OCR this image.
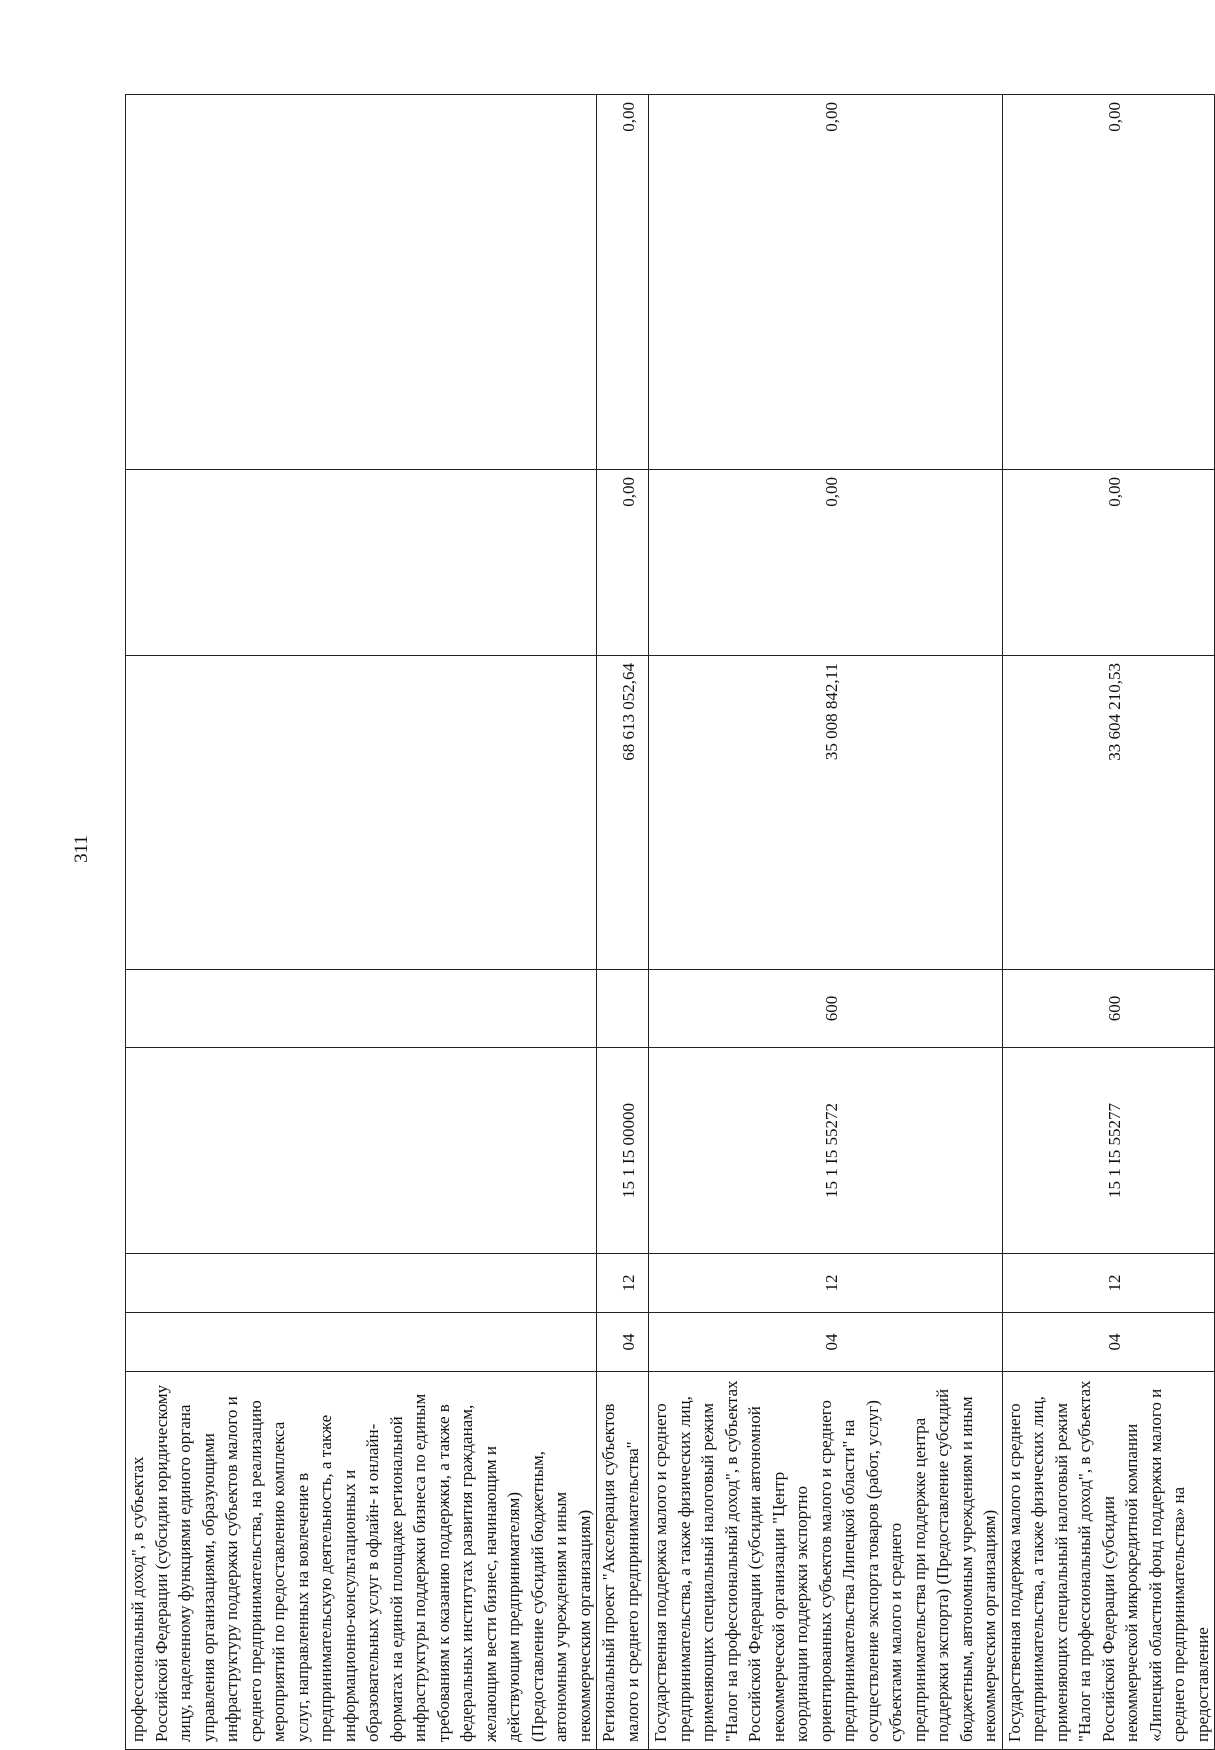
311
профессиональный доход", в субъектах Российской Федерации (субсидии юридическому лицу, наделенному функциями единого органа управления организациями, образующими инфраструктуру поддержки субъектов малого и среднего предпринимательства, на реализацию мероприятий по предоставлению комплекса услуг, направленных на вовлечение в предпринимательскую деятельность, а также информационно-консультационных и образовательных услуг в офлайн- и онлайн-форматах на единой площадке региональной инфраструктуры поддержки бизнеса по единым требованиям к оказанию поддержки, а также в федеральных институтах развития гражданам, желающим вести бизнес, начинающим и действующим предпринимателям) (Предоставление субсидий бюджетным, автономным учреждениям и иным некоммерческим организациям)							
Региональный проект "Акселерация субъектов малого и среднего предпринимательства"	04	12	15 1 I5 00000		68 613 052,64	0,00	0,00
Государственная поддержка малого и среднего предпринимательства, а также физических лиц, применяющих специальный налоговый режим "Налог на профессиональный доход", в субъектах Российской Федерации (субсидии автономной некоммерческой организации "Центр координации поддержки экспортно ориентированных субъектов малого и среднего предпринимательства Липецкой области" на осуществление экспорта товаров (работ, услуг) субъектами малого и среднего предпринимательства при поддержке центра поддержки экспорта) (Предоставление субсидий бюджетным, автономным учреждениям и иным некоммерческим организациям)	04	12	15 1 I5 55272	600	35 008 842,11	0,00	0,00
Государственная поддержка малого и среднего предпринимательства, а также физических лиц, применяющих специальный налоговый режим "Налог на профессиональный доход", в субъектах Российской Федерации (субсидии некоммерческой микрокредитной компании «Липецкий областной фонд поддержки малого и среднего предпринимательства» на предоставление	04	12	15 1 I5 55277	600	33 604 210,53	0,00	0,00
